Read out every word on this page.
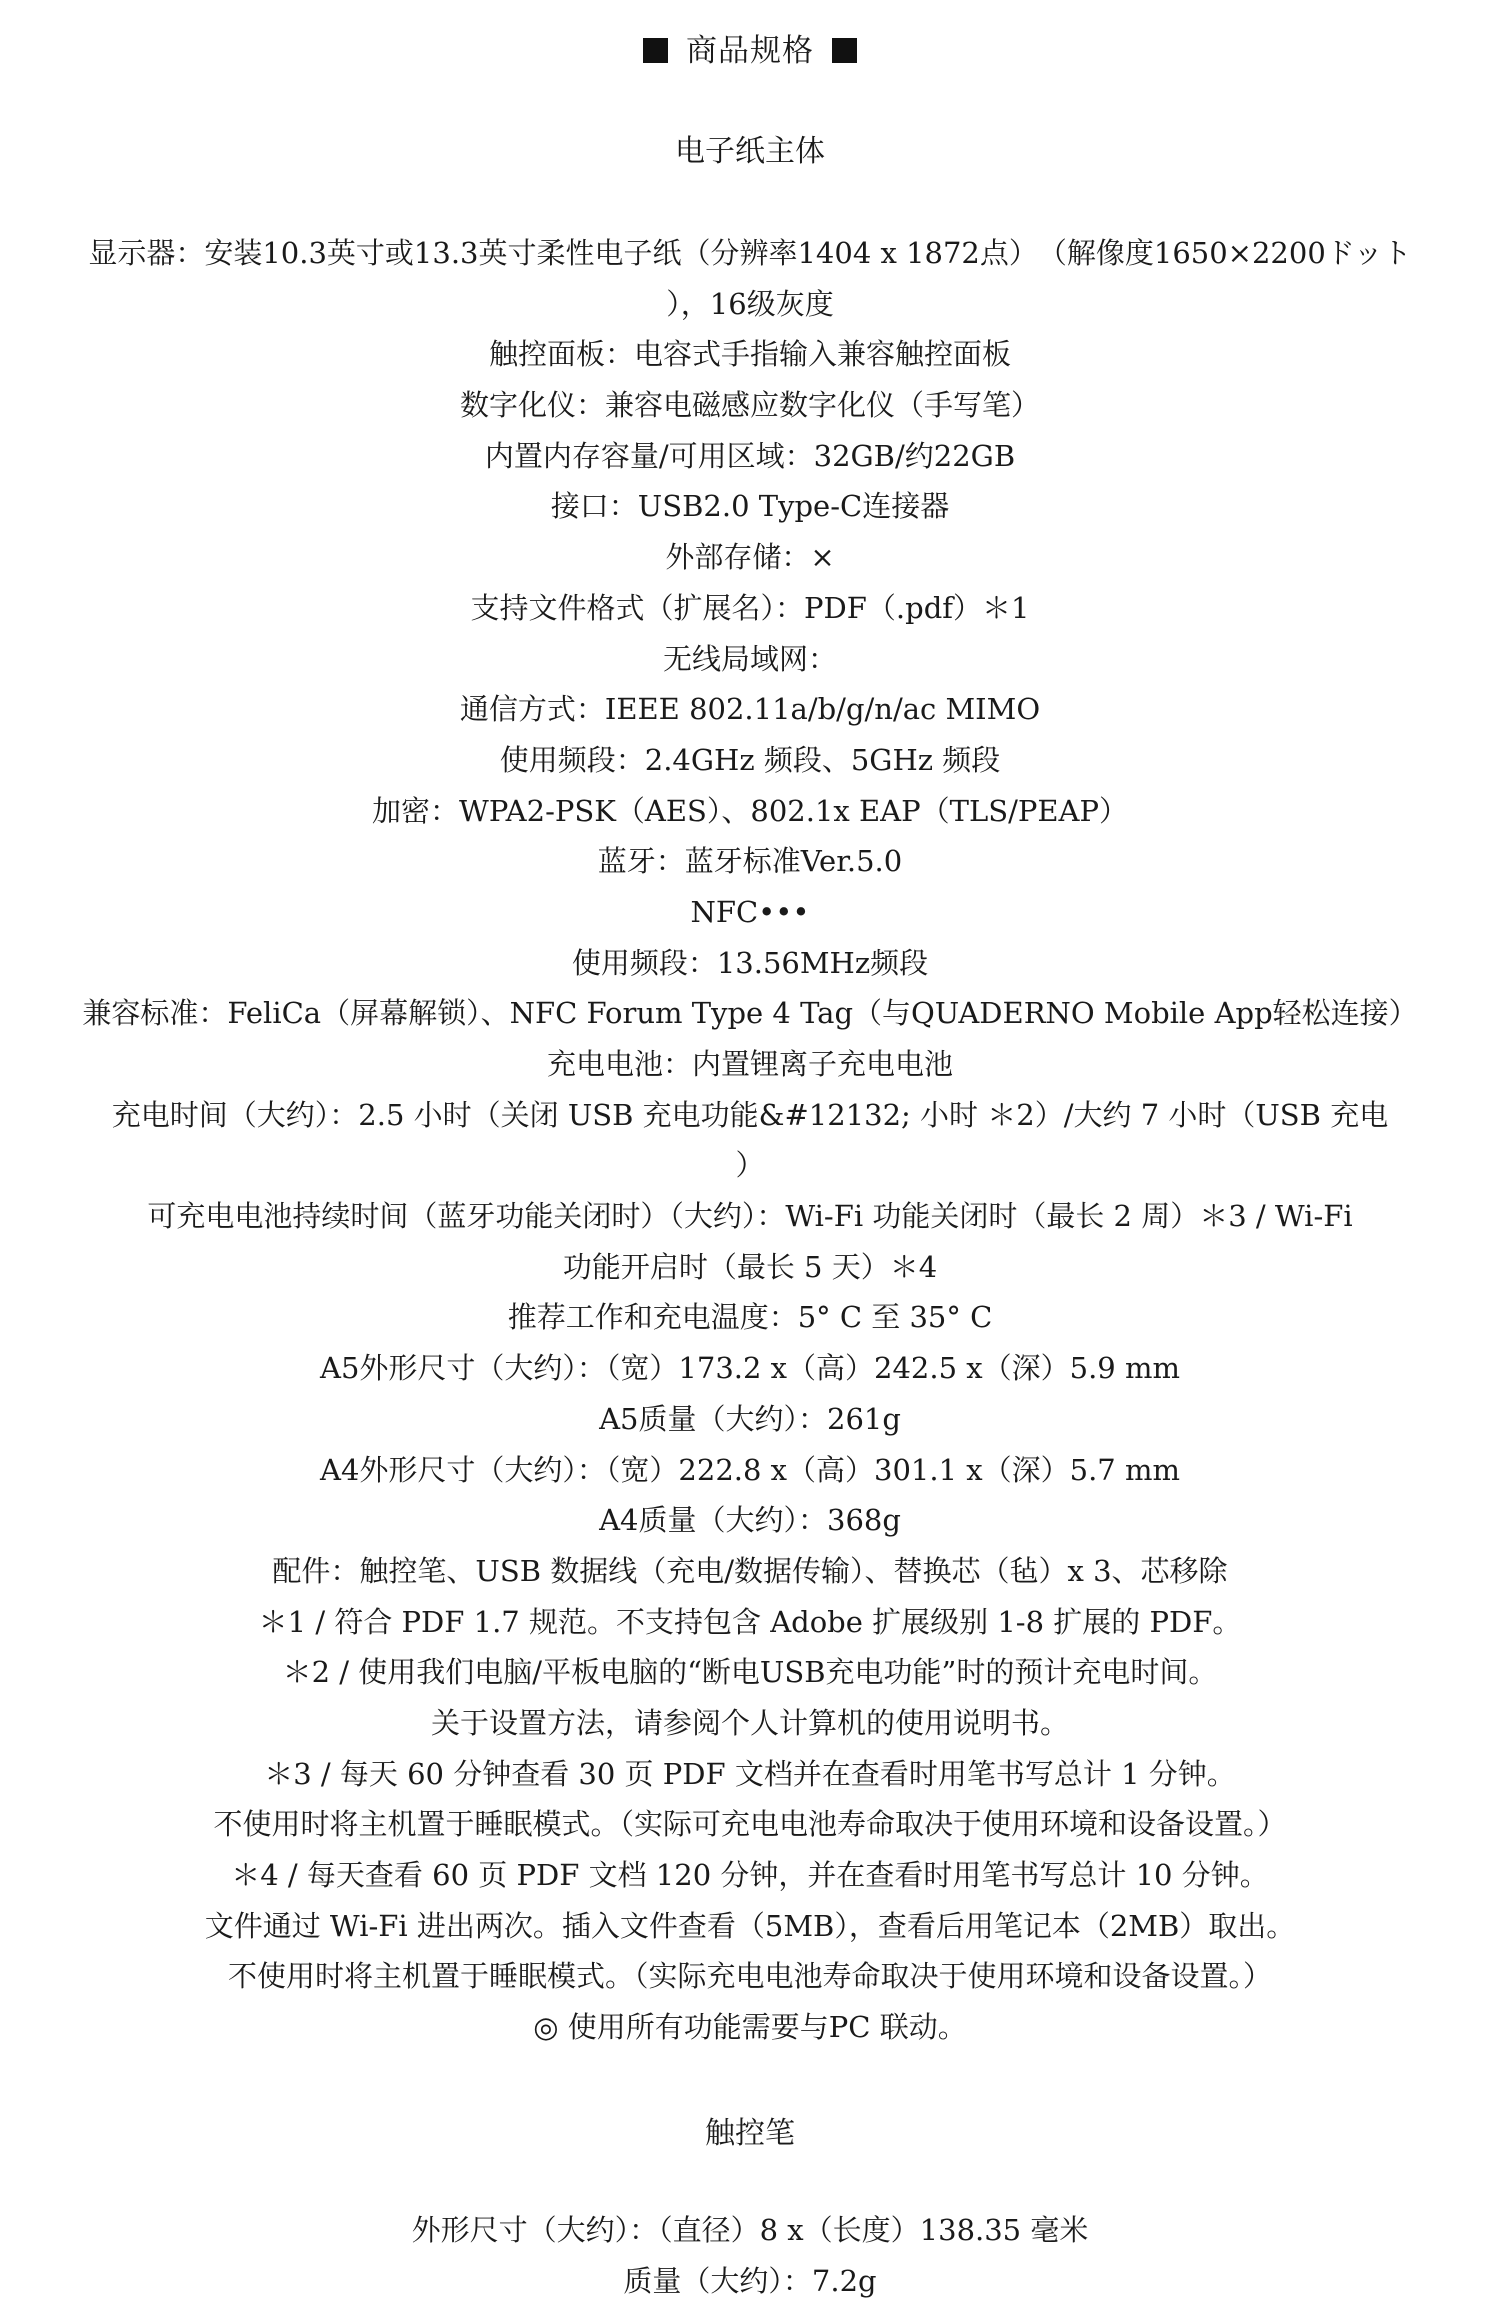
商品规格
电子纸主体
显示器：安装10.3英寸或13.3英寸柔性电子纸（分辨率1404 x 1872点）　（解像度1650×2200ドット
），16级灰度
触控面板：电容式手指输入兼容触控面板
数字化仪：兼容电磁感应数字化仪（手写笔）
内置内存容量/可用区域：32GB/约22GB
接口：USB2.0 Type-C连接器
外部存储：×
支持文件格式（扩展名）：PDF（.pdf）＊1
无线局域网：
通信方式：IEEE 802.11a/b/g/n/ac MIMO
使用频段：2.4GHz 频段、5GHz 频段
加密：WPA2-PSK（AES）、802.1x EAP（TLS/PEAP）
蓝牙：蓝牙标准Ver.5.0
NFC•••
使用频段：13.56MHz频段
兼容标准：FeliCa（屏幕解锁）、NFC Forum Type 4 Tag（与QUADERNO Mobile App轻松连接）
充电电池：内置锂离子充电电池
充电时间（大约）：2.5 小时（关闭 USB 充电功能&#12132; 小时 ＊2）/大约 7 小时（USB 充电
）
可充电电池持续时间（蓝牙功能关闭时）（大约）：Wi-Fi 功能关闭时（最长 2 周）＊3 / Wi-Fi
功能开启时（最长 5 天）＊4
推荐工作和充电温度：5° C 至 35° C
A5外形尺寸（大约）：（宽）173.2 x（高）242.5 x（深）5.9 mm
A5质量（大约）：261g
A4外形尺寸（大约）：（宽）222.8 x（高）301.1 x（深）5.7 mm
A4质量（大约）：368g
配件：触控笔、USB 数据线（充电/数据传输）、替换芯（毡）x 3、芯移除
＊1 / 符合 PDF 1.7 规范。不支持包含 Adobe 扩展级别 1-8 扩展的 PDF。
＊2 / 使用我们电脑/平板电脑的“断电USB充电功能”时的预计充电时间。
关于设置方法，请参阅个人计算机的使用说明书。
＊3 / 每天 60 分钟查看 30 页 PDF 文档并在查看时用笔书写总计 1 分钟。
不使用时将主机置于睡眠模式。（实际可充电电池寿命取决于使用环境和设备设置。）
＊4 / 每天查看 60 页 PDF 文档 120 分钟，并在查看时用笔书写总计 10 分钟。
文件通过 Wi-Fi 进出两次。插入文件查看（5MB），查看后用笔记本（2MB）取出。
不使用时将主机置于睡眠模式。（实际充电电池寿命取决于使用环境和设备设置。）
◎ 使用所有功能需要与PC 联动。
触控笔
外形尺寸（大约）：（直径）8 x（长度）138.35 毫米
质量（大约）：7.2g
